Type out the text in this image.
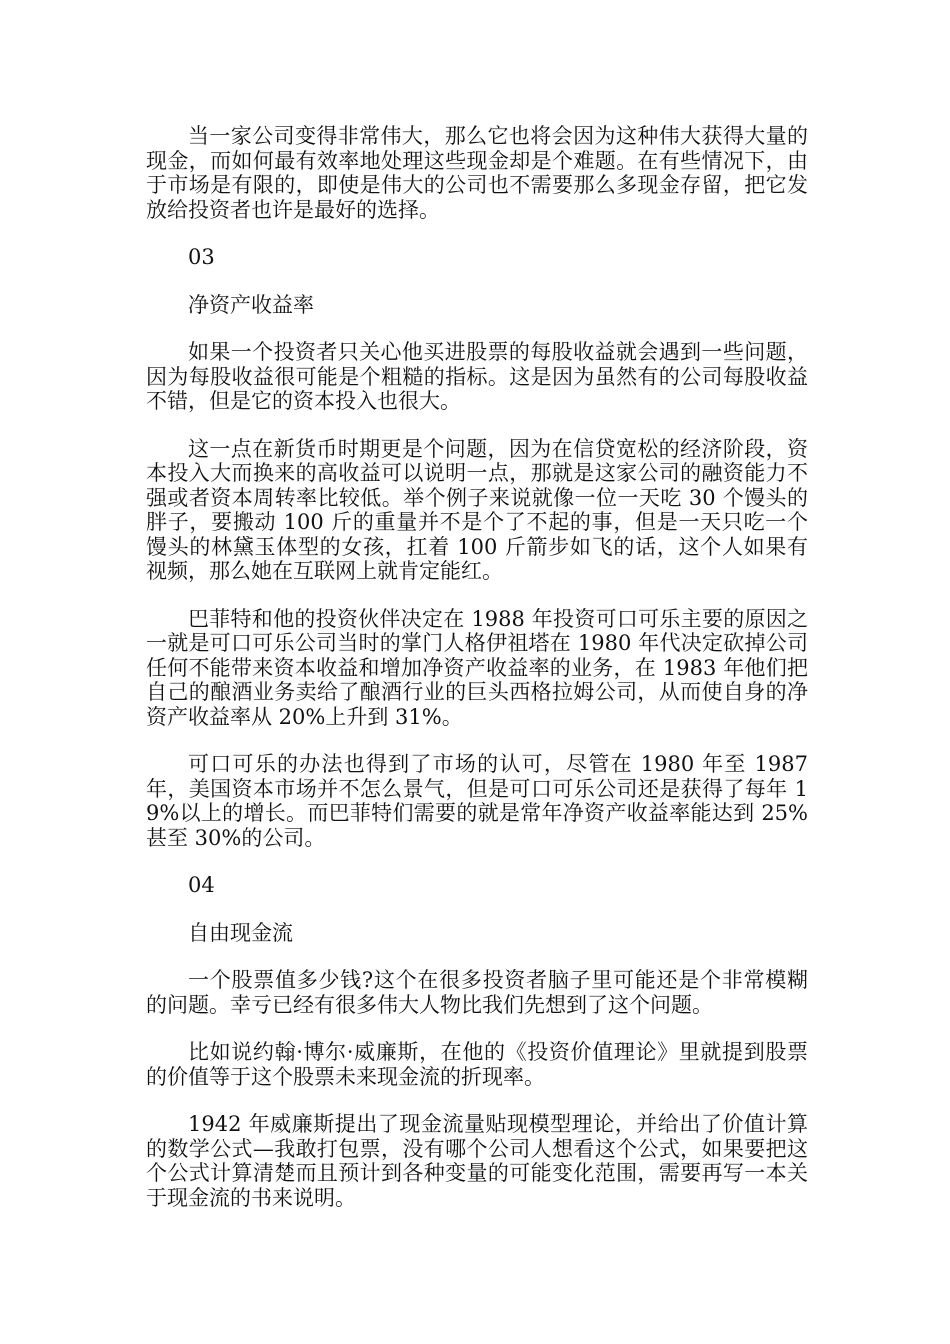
当一家公司变得非常伟大，那么它也将会因为这种伟大获得大量的现金，而如何最有效率地处理这些现金却是个难题。在有些情况下，由于市场是有限的，即使是伟大的公司也不需要那么多现金存留，把它发放给投资者也许是最好的选择。

03

净资产收益率

如果一个投资者只关心他买进股票的每股收益就会遇到一些问题，因为每股收益很可能是个粗糙的指标。这是因为虽然有的公司每股收益不错，但是它的资本投入也很大。

这一点在新货币时期更是个问题，因为在信贷宽松的经济阶段，资本投入大而换来的高收益可以说明一点，那就是这家公司的融资能力不强或者资本周转率比较低。举个例子来说就像一位一天吃 30 个馒头的胖子，要搬动 100 斤的重量并不是个了不起的事，但是一天只吃一个馒头的林黛玉体型的女孩，扛着 100 斤箭步如飞的话，这个人如果有视频，那么她在互联网上就肯定能红。

巴菲特和他的投资伙伴决定在 1988 年投资可口可乐主要的原因之一就是可口可乐公司当时的掌门人格伊祖塔在 1980 年代决定砍掉公司任何不能带来资本收益和增加净资产收益率的业务，在 1983 年他们把自己的酿酒业务卖给了酿酒行业的巨头西格拉姆公司，从而使自身的净资产收益率从 20%上升到 31%。

可口可乐的办法也得到了市场的认可，尽管在 1980 年至 1987 年，美国资本市场并不怎么景气，但是可口可乐公司还是获得了每年 19%以上的增长。而巴菲特们需要的就是常年净资产收益率能达到 25%甚至 30%的公司。

04

自由现金流

一个股票值多少钱?这个在很多投资者脑子里可能还是个非常模糊的问题。幸亏已经有很多伟大人物比我们先想到了这个问题。

比如说约翰·博尔·威廉斯，在他的《投资价值理论》里就提到股票的价值等于这个股票未来现金流的折现率。

1942 年威廉斯提出了现金流量贴现模型理论，并给出了价值计算的数学公式—我敢打包票，没有哪个公司人想看这个公式，如果要把这个公式计算清楚而且预计到各种变量的可能变化范围，需要再写一本关于现金流的书来说明。
